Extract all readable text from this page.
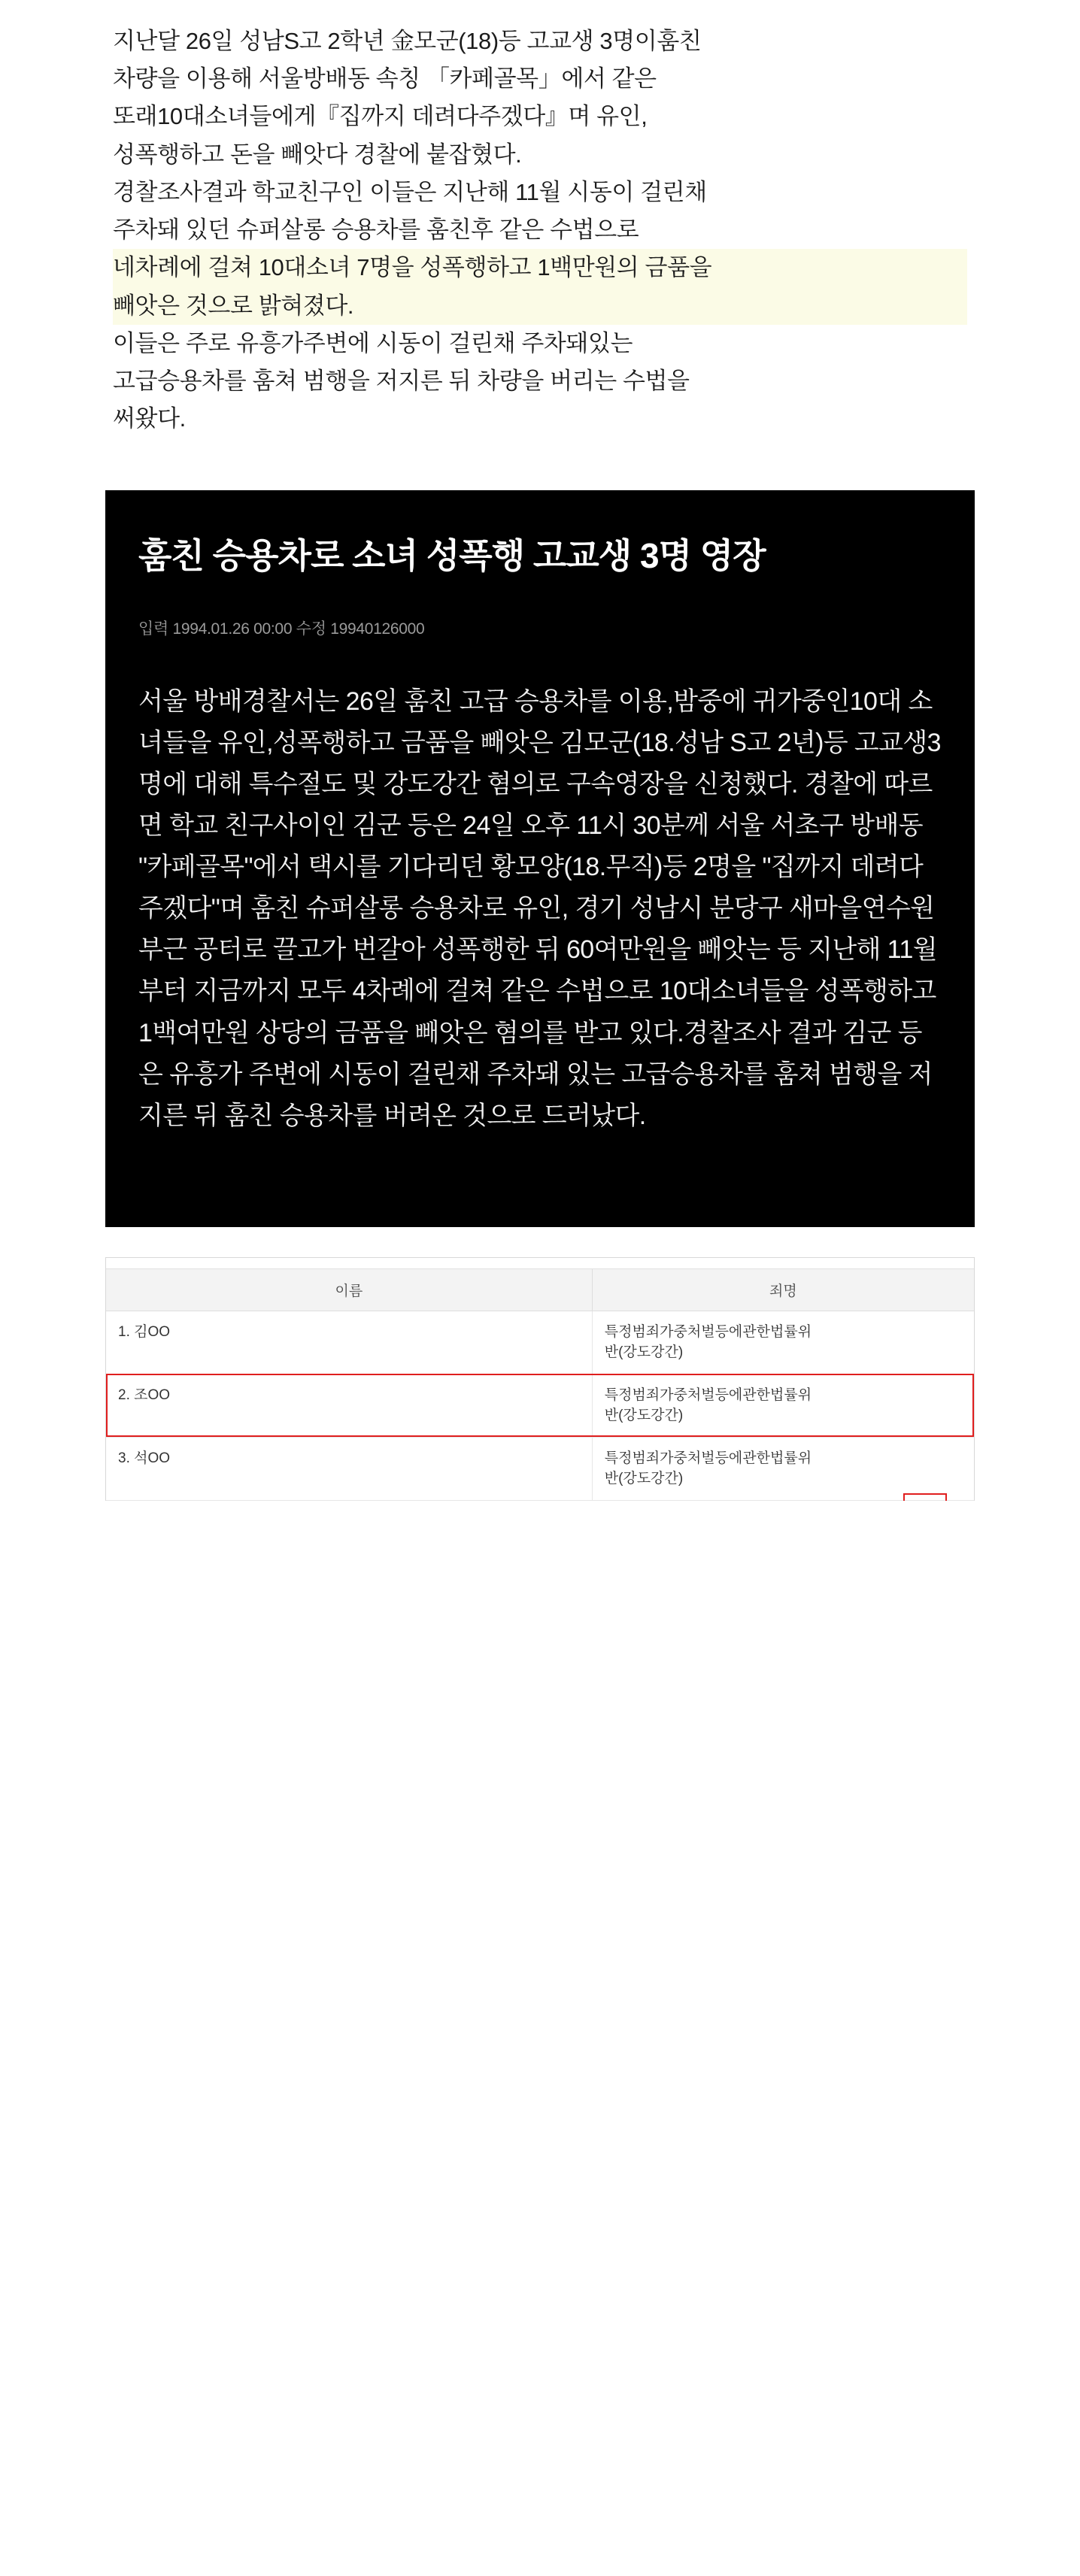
지난달 26일 성남S고 2학년 金모군(18)등 고교생 3명이훔친

차량을 이용해 서울방배동 속칭 「카페골목」에서 같은

또래10대소녀들에게『집까지 데려다주겠다』며 유인,

성폭행하고 돈을 빼앗다 경찰에 붙잡혔다.

경찰조사결과 학교친구인 이들은 지난해 11월 시동이 걸린채

주차돼 있던 슈퍼살롱 승용차를 훔친후 같은 수법으로

네차례에 걸쳐 10대소녀 7명을 성폭행하고 1백만원의 금품을

빼앗은 것으로 밝혀졌다.

이들은 주로 유흥가주변에 시동이 걸린채 주차돼있는

고급승용차를 훔쳐 범행을 저지른 뒤 차량을 버리는 수법을

써왔다.

훔친 승용차로 소녀 성폭행 고교생 3명 영장
입력 1994.01.26 00:00 수정 19940126000

서울 방배경찰서는 26일 훔친 고급 승용차를 이용,밤중에 귀가중인10대 소녀들을 유인,성폭행하고 금품을 빼앗은 김모군(18.성남 S고 2년)등 고교생3명에 대해 특수절도 및 강도강간 혐의로 구속영장을 신청했다. 경찰에 따르면 학교 친구사이인 김군 등은 24일 오후 11시 30분께 서울 서초구 방배동 "카페골목"에서 택시를 기다리던 황모양(18.무직)등 2명을 "집까지 데려다주겠다"며 훔친 슈퍼살롱 승용차로 유인, 경기 성남시 분당구 새마을연수원 부근 공터로 끌고가 번갈아 성폭행한 뒤 60여만원을 빼앗는 등 지난해 11월부터 지금까지 모두 4차례에 걸쳐 같은 수법으로 10대소녀들을 성폭행하고 1백여만원 상당의 금품을 빼앗은 혐의를 받고 있다.경찰조사 결과 김군 등은 유흥가 주변에 시동이 걸린채 주차돼 있는 고급승용차를 훔쳐 범행을 저지른 뒤 훔친 승용차를 버려온 것으로 드러났다.

이름	죄명
1. 김OO	특정범죄가중처벌등에관한법률위
반(강도강간)

2. 조OO	특정범죄가중처벌등에관한법률위
반(강도강간)

3. 석OO	특정범죄가중처벌등에관한법률위
반(강도강간)
